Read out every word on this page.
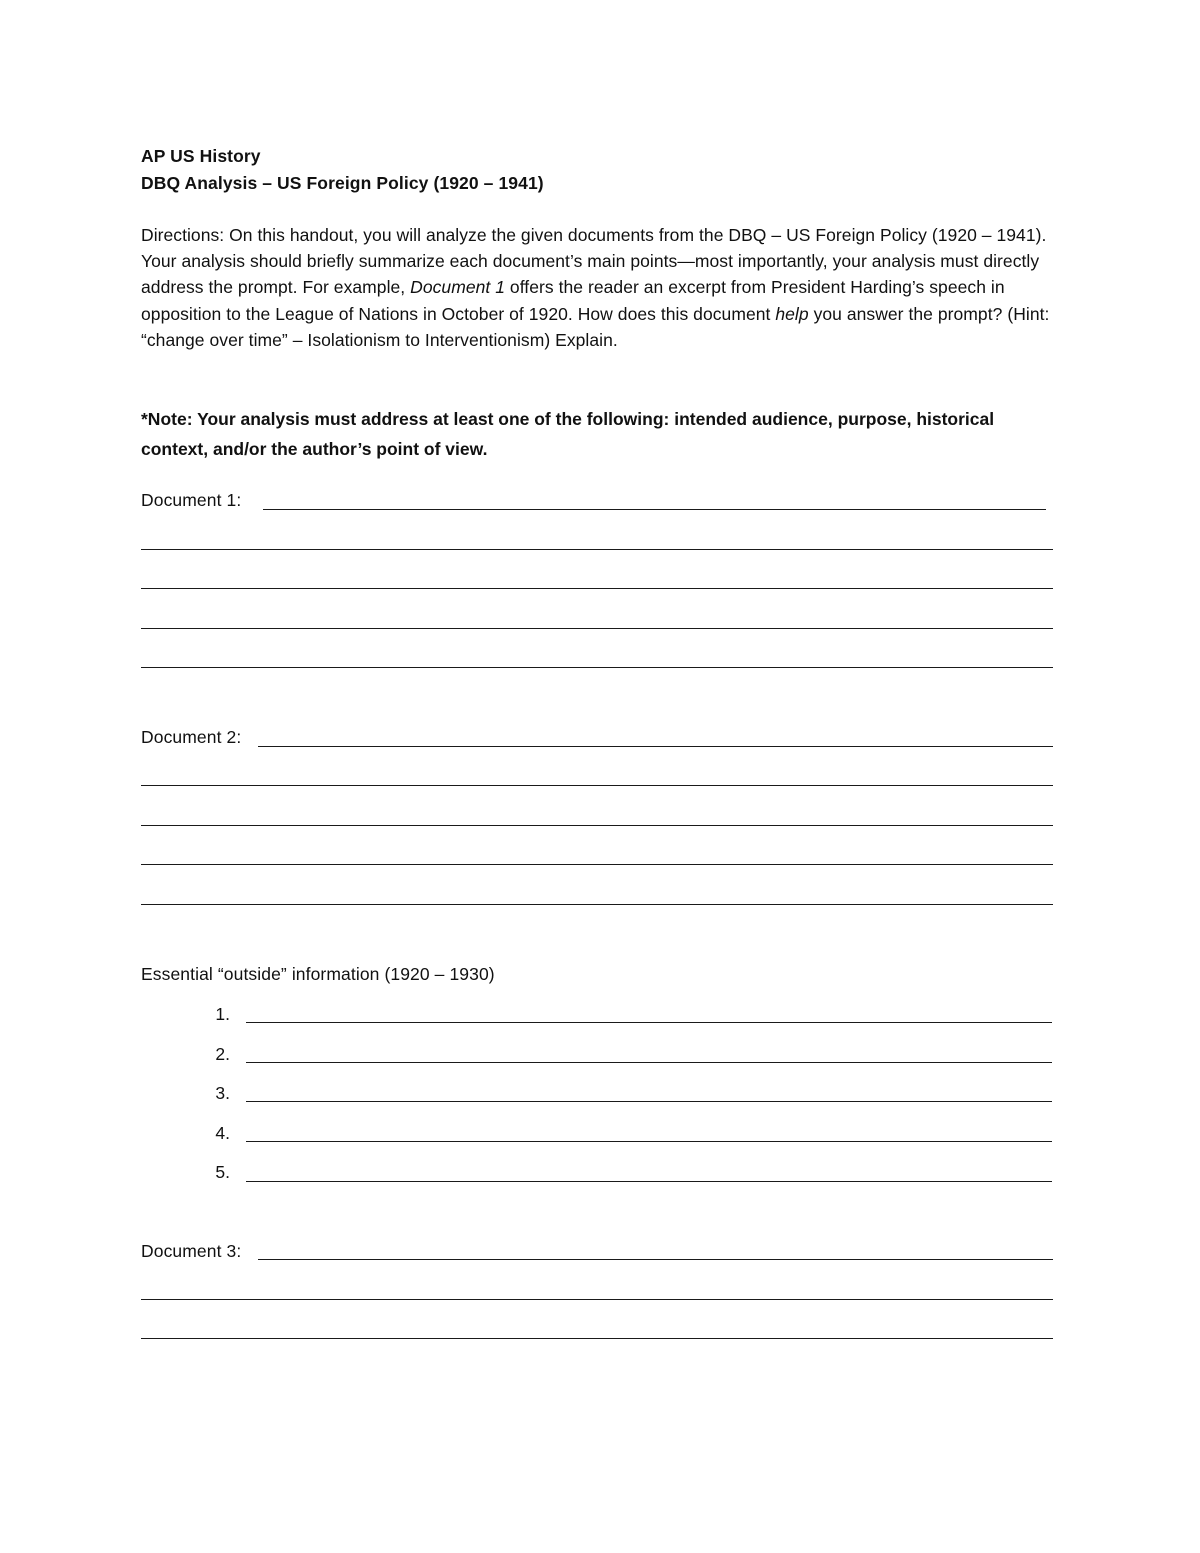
AP US History
DBQ Analysis – US Foreign Policy (1920 – 1941)
Directions: On this handout, you will analyze the given documents from the DBQ – US Foreign Policy (1920 – 1941). Your analysis should briefly summarize each document’s main points—most importantly, your analysis must directly address the prompt. For example, Document 1 offers the reader an excerpt from President Harding’s speech in opposition to the League of Nations in October of 1920. How does this document help you answer the prompt? (Hint: “change over time” – Isolationism to Interventionism) Explain.
*Note: Your analysis must address at least one of the following: intended audience, purpose, historical context, and/or the author’s point of view.
Document 1:
Document 2:
Essential “outside” information (1920 – 1930)
1.
2.
3.
4.
5.
Document 3:
